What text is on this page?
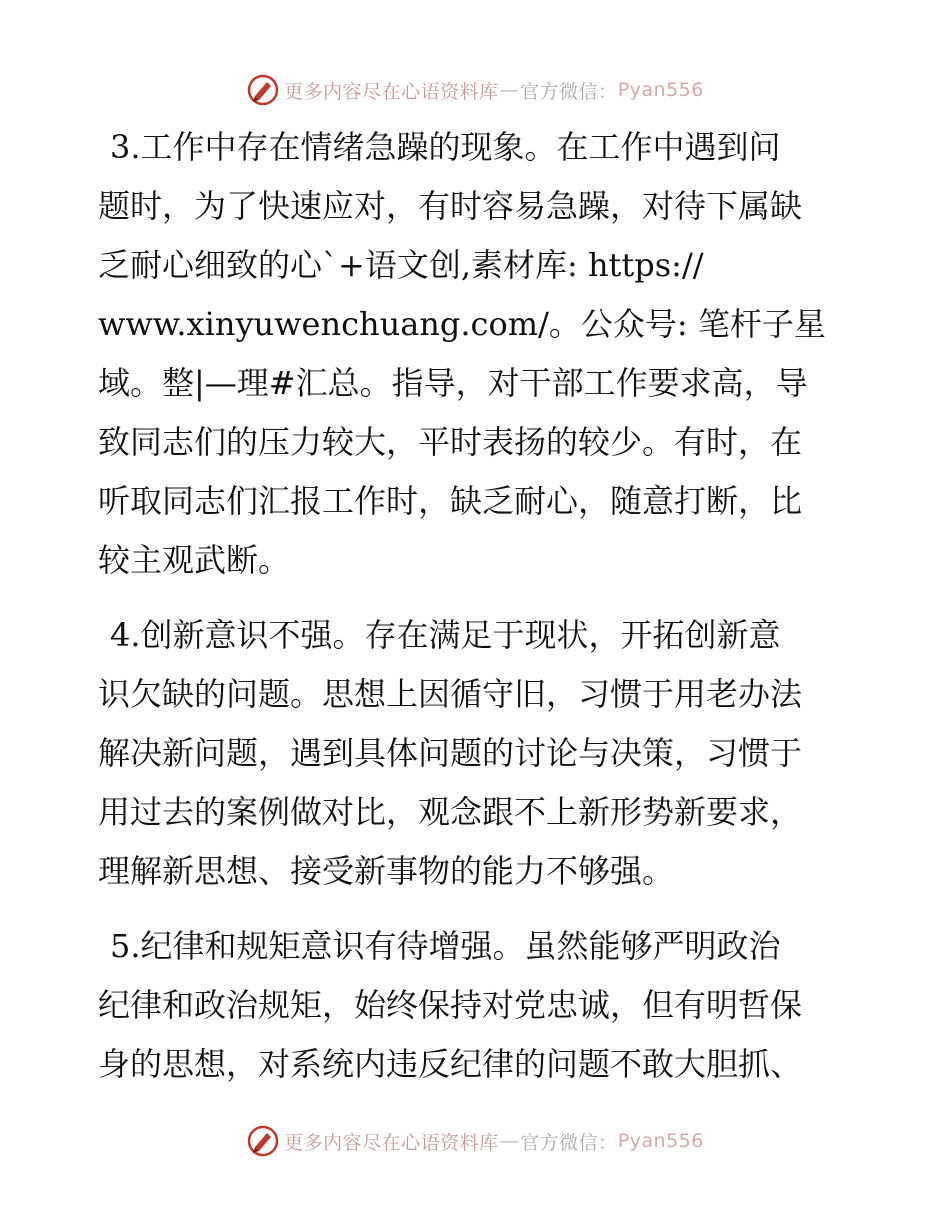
更多内容尽在心语资料库 — 官方微信： Pyan556
3.工作中存在情绪急躁的现象。在工作中遇到问
题时，为了快速应对，有时容易急躁，对待下属缺
乏耐心细致的心`+语文创,素材库: https://
www.xinyuwenchuang.com/。公众号: 笔杆子星
域。整|—理#汇总。指导，对干部工作要求高，导
致同志们的压力较大，平时表扬的较少。有时，在
听取同志们汇报工作时，缺乏耐心，随意打断，比
较主观武断。
4.创新意识不强。存在满足于现状，开拓创新意
识欠缺的问题。思想上因循守旧，习惯于用老办法
解决新问题，遇到具体问题的讨论与决策，习惯于
用过去的案例做对比，观念跟不上新形势新要求，
理解新思想、接受新事物的能力不够强。
5.纪律和规矩意识有待增强。虽然能够严明政治
纪律和政治规矩，始终保持对党忠诚，但有明哲保
身的思想，对系统内违反纪律的问题不敢大胆抓、
更多内容尽在心语资料库 — 官方微信： Pyan556
